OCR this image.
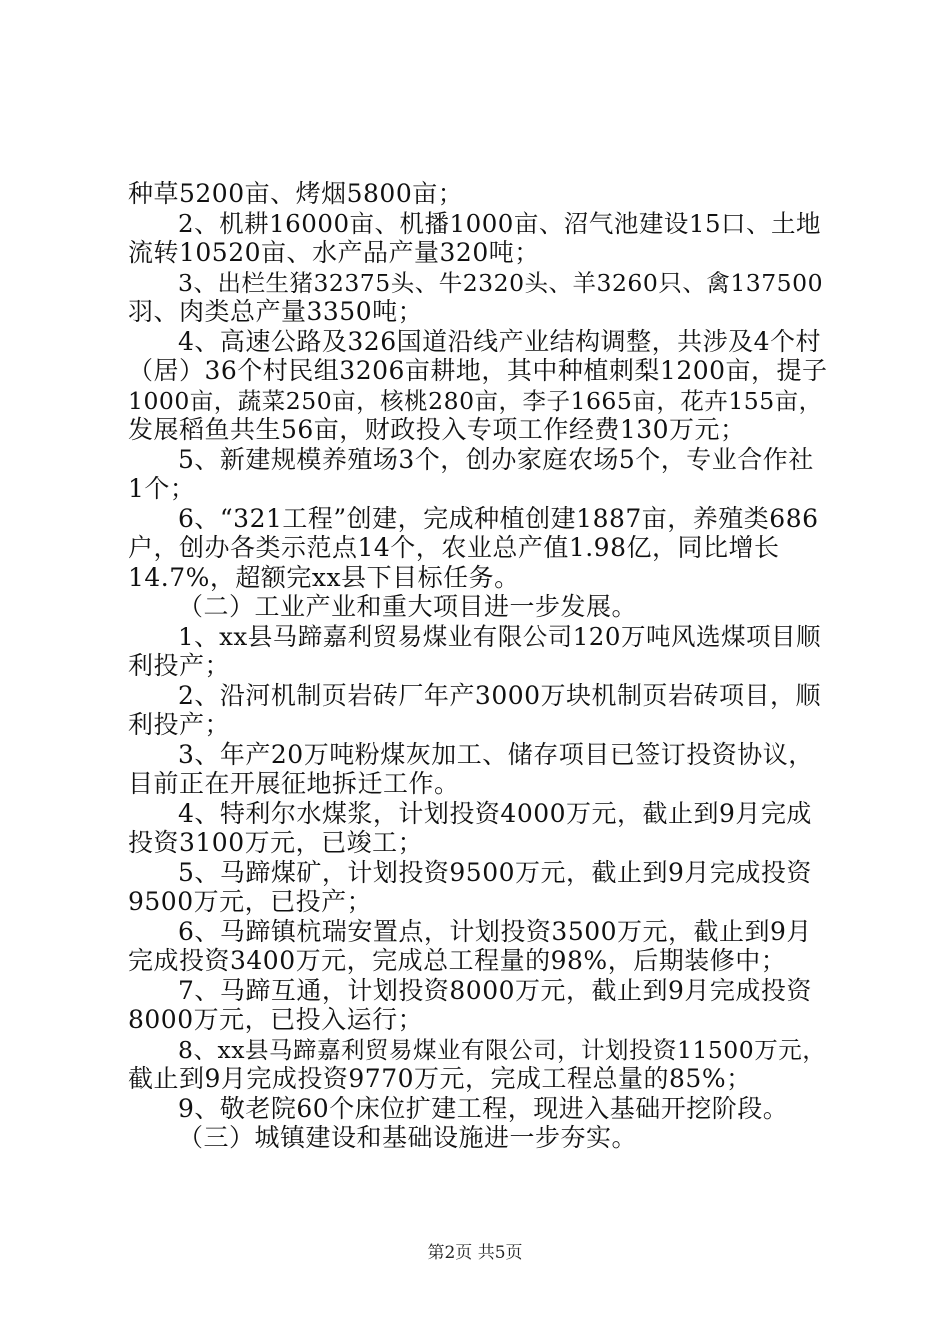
种草5200亩、烤烟5800亩；
2、机耕16000亩、机播1000亩、沼气池建设15口、土地
流转10520亩、水产品产量320吨；
3、出栏生猪32375头、牛2320头、羊3260只、禽137500
羽、肉类总产量3350吨；
4、高速公路及326国道沿线产业结构调整，共涉及4个村
（居）36个村民组3206亩耕地，其中种植刺梨1200亩，提子
1000亩，蔬菜250亩，核桃280亩，李子1665亩，花卉155亩，
发展稻鱼共生56亩，财政投入专项工作经费130万元；
5、新建规模养殖场3个，创办家庭农场5个，专业合作社
1个；
6、“321工程”创建，完成种植创建1887亩，养殖类686
户，创办各类示范点14个，农业总产值1.98亿，同比增长
14.7%，超额完xx县下目标任务。
（二）工业产业和重大项目进一步发展。
1、xx县马蹄嘉利贸易煤业有限公司120万吨风选煤项目顺
利投产；
2、沿河机制页岩砖厂年产3000万块机制页岩砖项目，顺
利投产；
3、年产20万吨粉煤灰加工、储存项目已签订投资协议，
目前正在开展征地拆迁工作。
4、特利尔水煤浆，计划投资4000万元，截止到9月完成
投资3100万元，已竣工；
5、马蹄煤矿，计划投资9500万元，截止到9月完成投资
9500万元，已投产；
6、马蹄镇杭瑞安置点，计划投资3500万元，截止到9月
完成投资3400万元，完成总工程量的98%，后期装修中；
7、马蹄互通，计划投资8000万元，截止到9月完成投资
8000万元，已投入运行；
8、xx县马蹄嘉利贸易煤业有限公司，计划投资11500万元，
截止到9月完成投资9770万元，完成工程总量的85%；
9、敬老院60个床位扩建工程，现进入基础开挖阶段。
（三）城镇建设和基础设施进一步夯实。
第2页 共5页
